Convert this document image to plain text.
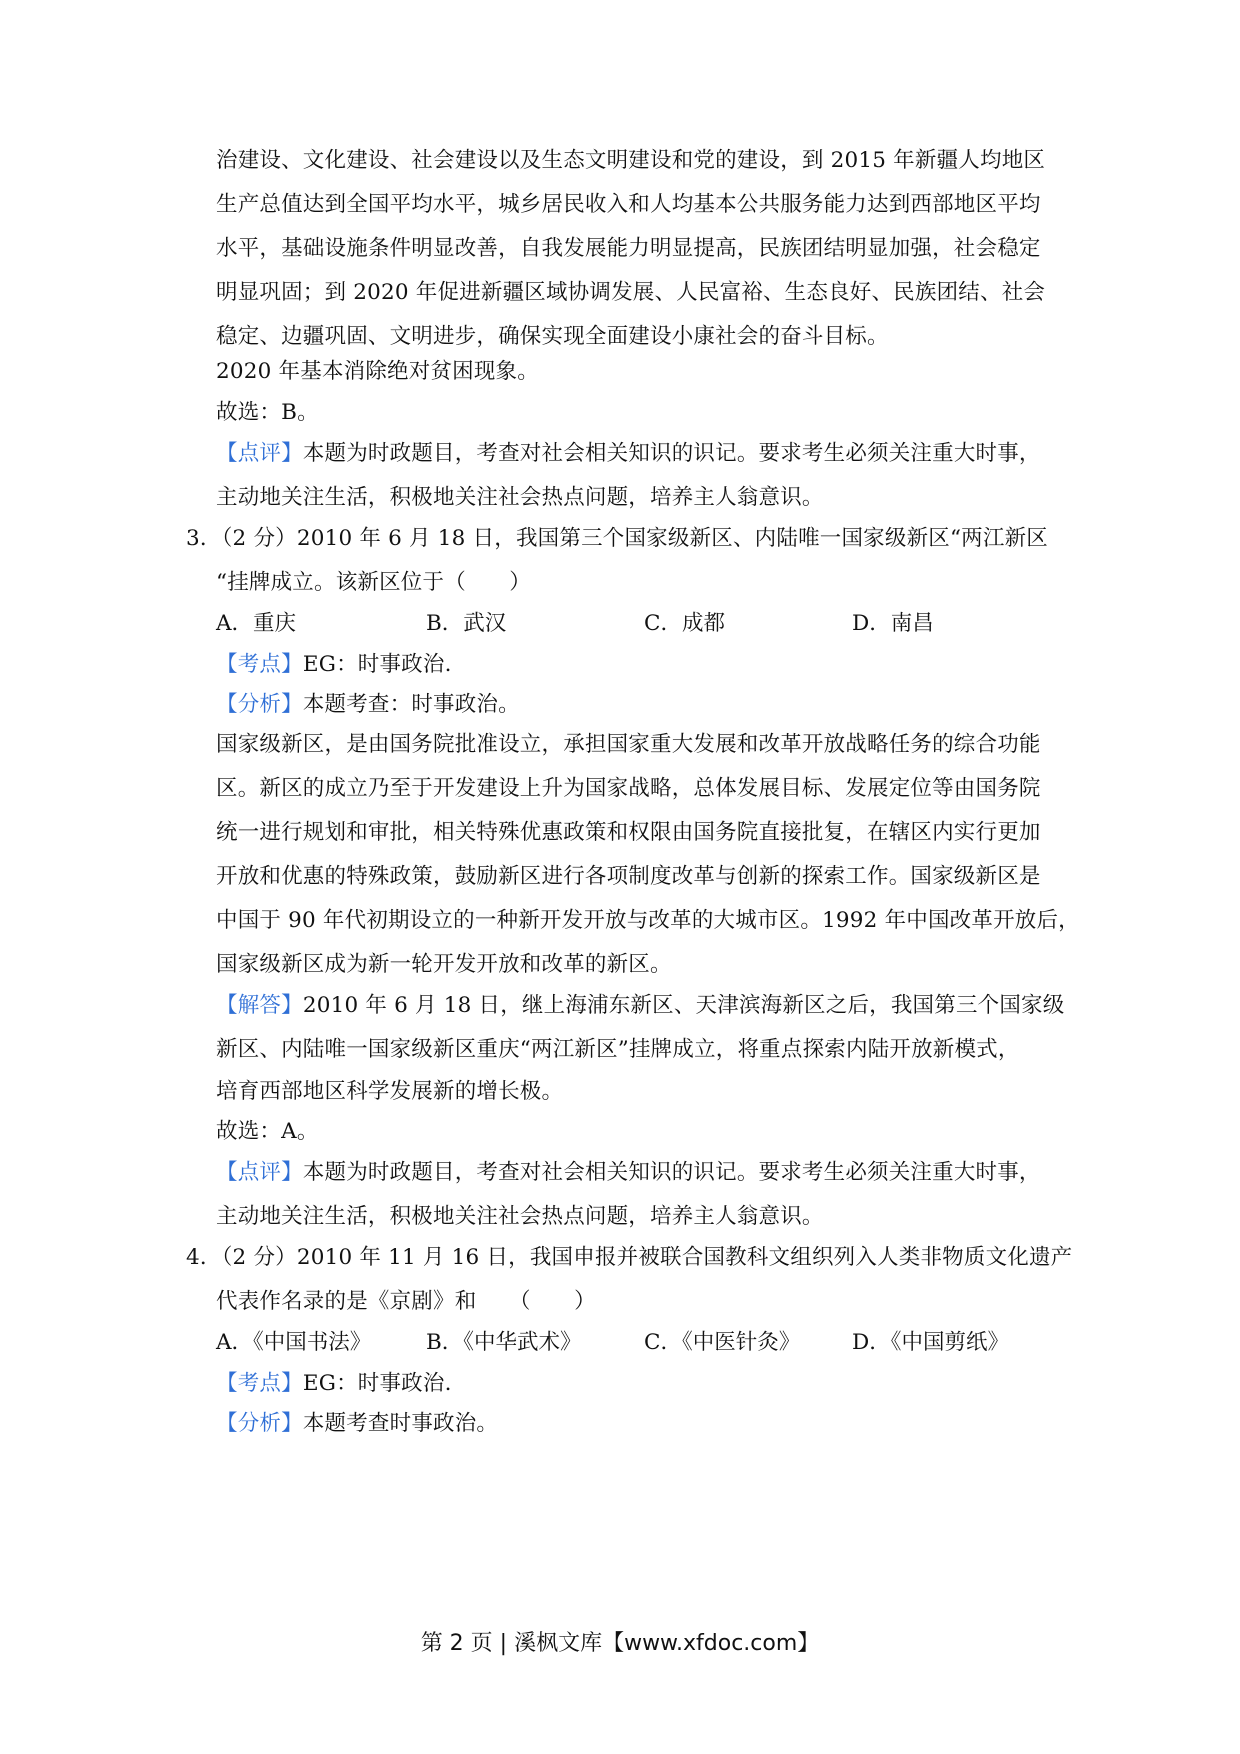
治建设、文化建设、社会建设以及生态文明建设和党的建设，到 2015 年新疆人均地区
生产总值达到全国平均水平，城乡居民收入和人均基本公共服务能力达到西部地区平均
水平，基础设施条件明显改善，自我发展能力明显提高，民族团结明显加强，社会稳定
明显巩固；到 2020 年促进新疆区域协调发展、人民富裕、生态良好、民族团结、社会
稳定、边疆巩固、文明进步，确保实现全面建设小康社会的奋斗目标。
2020 年基本消除绝对贫困现象。
故选：B。
【点评】本题为时政题目，考查对社会相关知识的识记。要求考生必须关注重大时事，
主动地关注生活，积极地关注社会热点问题，培养主人翁意识。
3．（2 分）2010 年 6 月 18 日，我国第三个国家级新区、内陆唯一国家级新区“两江新区
“挂牌成立。该新区位于（　　）
A．重庆	B．武汉	C．成都	D．南昌
【考点】EG：时事政治.
【分析】本题考查：时事政治。
国家级新区，是由国务院批准设立，承担国家重大发展和改革开放战略任务的综合功能
区。新区的成立乃至于开发建设上升为国家战略，总体发展目标、发展定位等由国务院
统一进行规划和审批，相关特殊优惠政策和权限由国务院直接批复，在辖区内实行更加
开放和优惠的特殊政策，鼓励新区进行各项制度改革与创新的探索工作。国家级新区是
中国于 90 年代初期设立的一种新开发开放与改革的大城市区。1992 年中国改革开放后，
国家级新区成为新一轮开发开放和改革的新区。
【解答】2010 年 6 月 18 日，继上海浦东新区、天津滨海新区之后，我国第三个国家级
新区、内陆唯一国家级新区重庆“两江新区”挂牌成立，将重点探索内陆开放新模式，
培育西部地区科学发展新的增长极。
故选：A。
【点评】本题为时政题目，考查对社会相关知识的识记。要求考生必须关注重大时事，
主动地关注生活，积极地关注社会热点问题，培养主人翁意识。
4．（2 分）2010 年 11 月 16 日，我国申报并被联合国教科文组织列入人类非物质文化遗产
代表作名录的是《京剧》和　　（　　）
A．《中国书法》	B．《中华武术》	C．《中医针灸》 D．《中国剪纸》
【考点】EG：时事政治.
【分析】本题考查时事政治。
第 2 页 | 溪枫文库【www.xfdoc.com】
